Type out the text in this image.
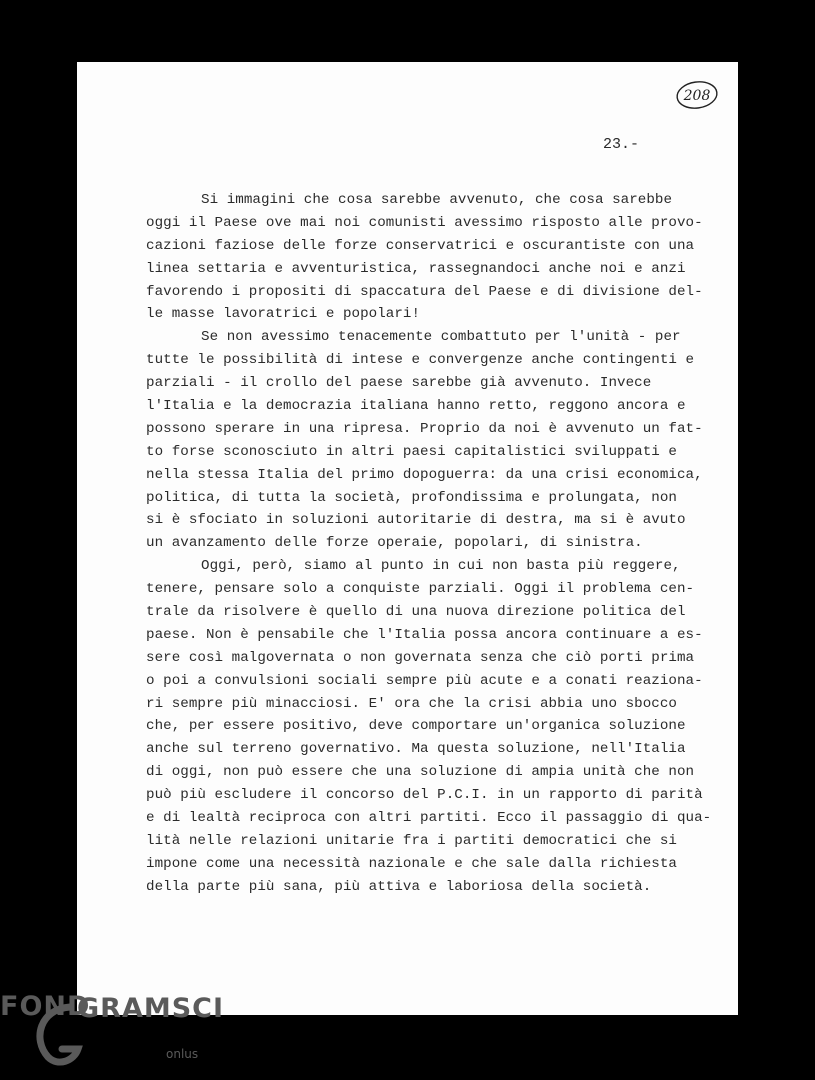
208
23.-
Si immagini che cosa sarebbe avvenuto, che cosa sarebbe
oggi il Paese ove mai noi comunisti avessimo risposto alle provo-
cazioni faziose delle forze conservatrici e oscurantiste con una
linea settaria e avventuristica, rassegnandoci anche noi e anzi
favorendo i propositi di spaccatura del Paese e di divisione del-
le masse lavoratrici e popolari!
Se non avessimo tenacemente combattuto per l'unità - per
tutte le possibilità di intese e convergenze anche contingenti e
parziali - il crollo del paese sarebbe già avvenuto. Invece
l'Italia e la democrazia italiana hanno retto, reggono ancora e
possono sperare in una ripresa. Proprio da noi è avvenuto un fat-
to forse sconosciuto in altri paesi capitalistici sviluppati e
nella stessa Italia del primo dopoguerra: da una crisi economica,
politica, di tutta la società, profondissima e prolungata, non
si è sfociato in soluzioni autoritarie di destra, ma si è avuto
un avanzamento delle forze operaie, popolari, di sinistra.
Oggi, però, siamo al punto in cui non basta più reggere,
tenere, pensare solo a conquiste parziali. Oggi il problema cen-
trale da risolvere è quello di una nuova direzione politica del
paese. Non è pensabile che l'Italia possa ancora continuare a es-
sere così malgovernata o non governata senza che ciò porti prima
o poi a convulsioni sociali sempre più acute e a conati reaziona-
ri sempre più minacciosi. E' ora che la crisi abbia uno sbocco
che, per essere positivo, deve comportare un'organica soluzione
anche sul terreno governativo. Ma questa soluzione, nell'Italia
di oggi, non può essere che una soluzione di ampia unità che non
può più escludere il concorso del P.C.I. in un rapporto di parità
e di lealtà reciproca con altri partiti. Ecco il passaggio di qua-
lità nelle relazioni unitarie fra i partiti democratici che si
impone come una necessità nazionale e che sale dalla richiesta
della parte più sana, più attiva e laboriosa della società.
FOND
GRAMSCI
onlus
